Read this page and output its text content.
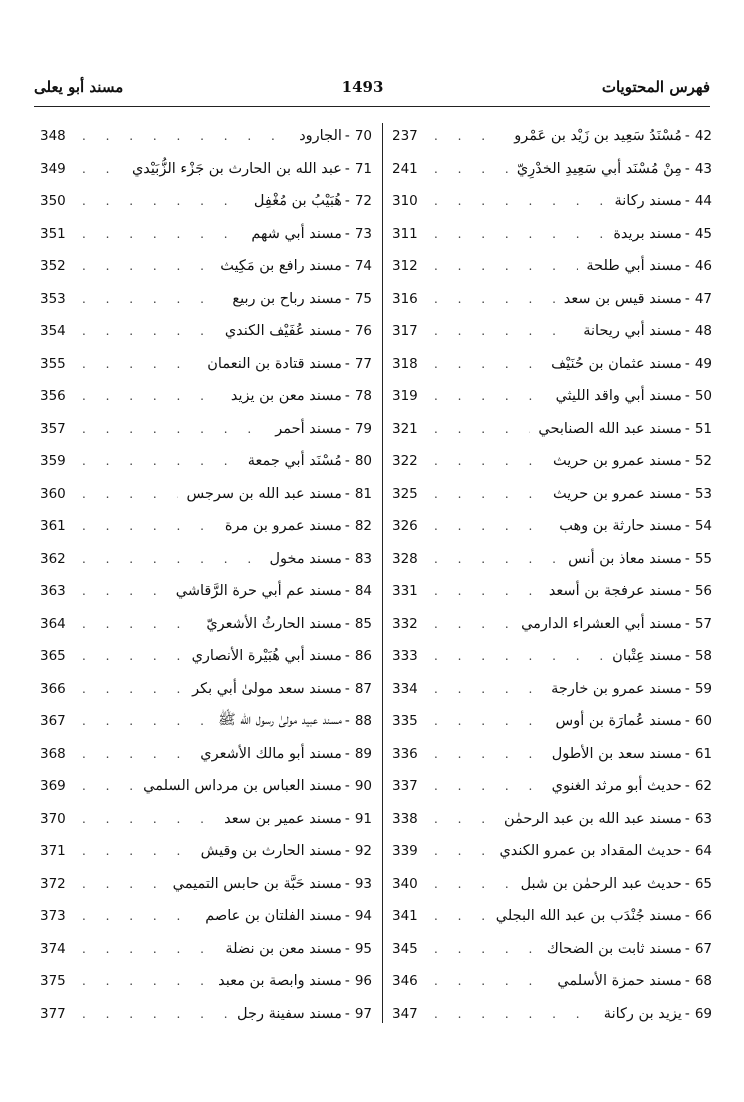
فهرس المحتويات
1493
مسند أبو يعلى
42
-
مُسْنَدُ سَعِيد بن زَيْد بن عَمْرو
. . .
237
43
-
مِنْ مُسْنَد أبي سَعِيدِ الخدْرِيّ
. . .
241
44
-
مسند ركانة
. . .
310
45
-
مسند بريدة
. . .
311
46
-
مسند أبي طلحة
. . .
312
47
-
مسند قيس بن سعد
. . .
316
48
-
مسند أبي ريحانة
. . .
317
49
-
مسند عثمان بن حُنَيْف
. . .
318
50
-
مسند أبي واقد الليثي
. . .
319
51
-
مسند عبد الله الصنابحي
. . .
321
52
-
مسند عمرو بن حريث
. . .
322
53
-
مسند عمرو بن حريث
. . .
325
54
-
مسند حارثة بن وهب
. . .
326
55
-
مسند معاذ بن أنس
. . .
328
56
-
مسند عرفجة بن أسعد
. . .
331
57
-
مسند أبي العشراء الدارمي
. . .
332
58
-
مسند عِتْبان
. . .
333
59
-
مسند عمرو بن خارجة
. . .
334
60
-
مسند عُمارَة بن أوس
. . .
335
61
-
مسند سعد بن الأطول
. . .
336
62
-
حديث أبو مرثد الغنوي
. . .
337
63
-
مسند عبد الله بن عبد الرحمٰن
. . .
338
64
-
حديث المقداد بن عمرو الكندي
. . .
339
65
-
حديث عبد الرحمٰن بن شبل
. . .
340
66
-
مسند جُنْدَب بن عبد الله البجلي
. . .
341
67
-
مسند ثابت بن الضحاك
. . .
345
68
-
مسند حمزة الأسلمي
. . .
346
69
-
يزيد بن ركانة
. . .
347
70
-
الجارود
. . .
348
71
-
عبد الله بن الحارث بن جَزْء الزُّبَيْدي
. . .
349
72
-
هُبَيْبُ بن مُغْفِل
. . .
350
73
-
مسند أبي شهم
. . .
351
74
-
مسند رافع بن مَكِيث
. . .
352
75
-
مسند رباح بن ربيع
. . .
353
76
-
مسند عُفَيْف الكندي
. . .
354
77
-
مسند قتادة بن النعمان
. . .
355
78
-
مسند معن بن يزيد
. . .
356
79
-
مسند أحمر
. . .
357
80
-
مُسْنَد أبي جمعة
. . .
359
81
-
مسند عبد الله بن سرجس
. . .
360
82
-
مسند عمرو بن مرة
. . .
361
83
-
مسند مخول
. . .
362
84
-
مسند عم أبي حرة الرَّقاشي
. . .
363
85
-
مسند الحارثُ الأشعريّ
. . .
364
86
-
مسند أبي هُبَيْرة الأنصاري
. . .
365
87
-
مسند سعد مولىٰ أبي بكر
. . .
366
88
-
مسند عبيد مولىٰ رسول الله ﷺ
. . .
367
89
-
مسند أبو مالك الأشعري
. . .
368
90
-
مسند العباس بن مرداس السلمي
. . .
369
91
-
مسند عمير بن سعد
. . .
370
92
-
مسند الحارث بن وقيش
. . .
371
93
-
مسند حَبَّة بن حابس التميمي
. . .
372
94
-
مسند الفلتان بن عاصم
. . .
373
95
-
مسند معن بن نضلة
. . .
374
96
-
مسند وابصة بن معبد
. . .
375
97
-
مسند سفينة رجل
. . .
377
